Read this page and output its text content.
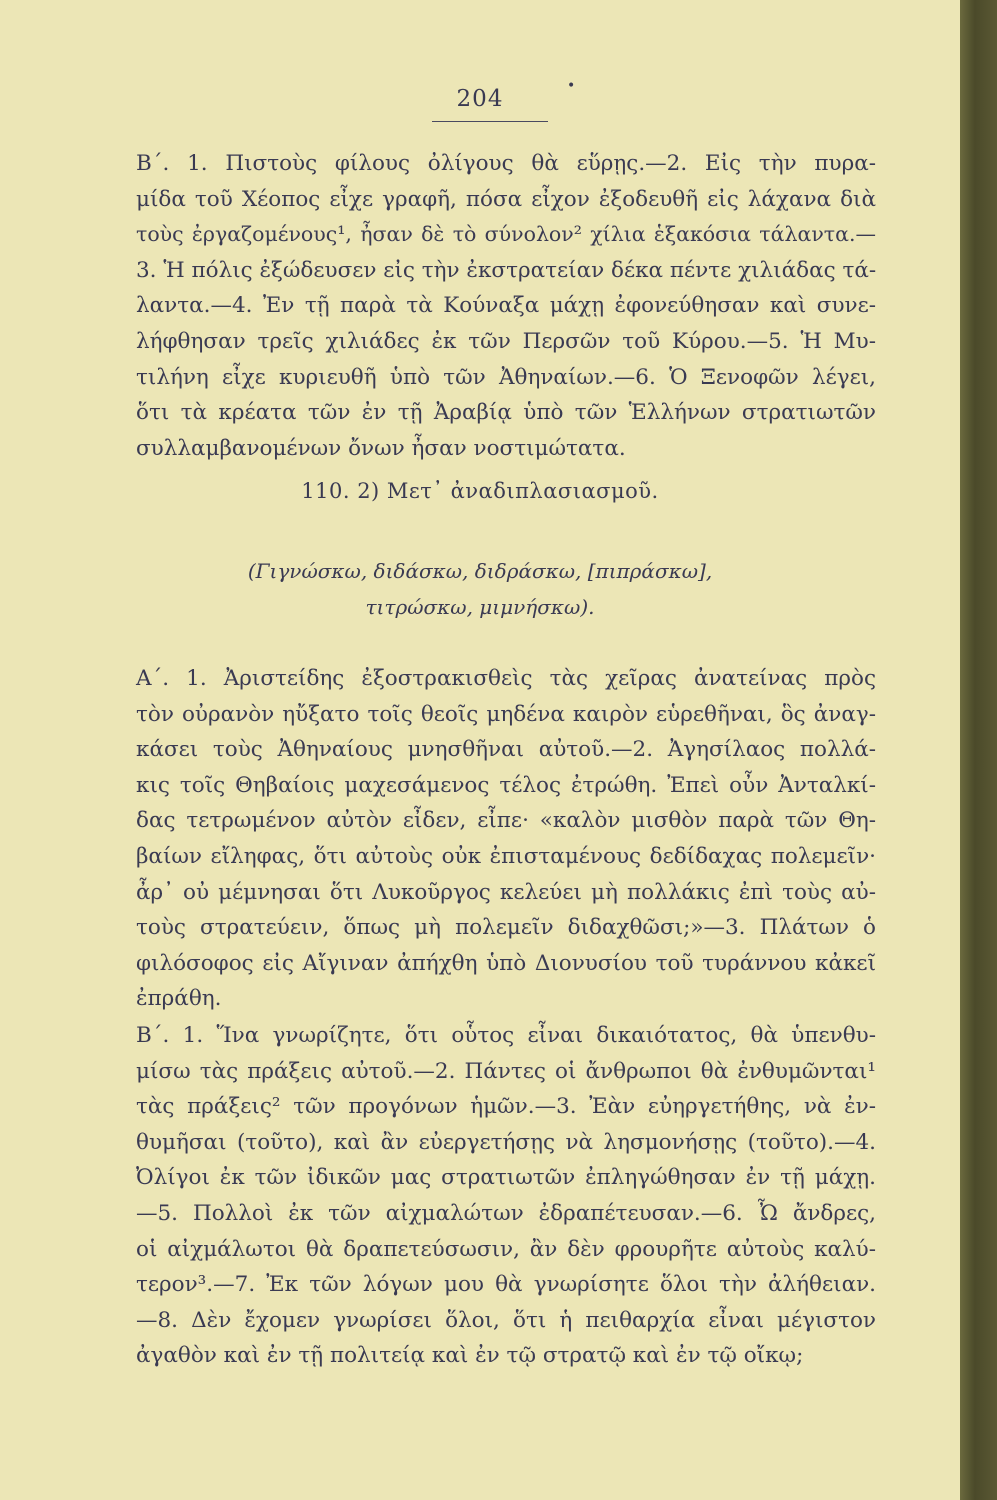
•
204
Β΄. 1. Πιστοὺς φίλους ὀλίγους θὰ εὕρῃς.—2. Εἰς τὴν πυρα-
μίδα τοῦ Χέοπος εἶχε γραφῆ, πόσα εἶχον ἐξοδευθῆ εἰς λάχανα διὰ
τοὺς ἐργαζομένους¹, ἦσαν δὲ τὸ σύνολον² χίλια ἑξακόσια τάλαντα.—
3. Ἡ πόλις ἐξώδευσεν εἰς τὴν ἐκστρατείαν δέκα πέντε χιλιάδας τά-
λαντα.—4. Ἐν τῇ παρὰ τὰ Κούναξα μάχῃ ἐφονεύθησαν καὶ συνε-
λήφθησαν τρεῖς χιλιάδες ἐκ τῶν Περσῶν τοῦ Κύρου.—5. Ἡ Μυ-
τιλήνη εἶχε κυριευθῆ ὑπὸ τῶν Ἀθηναίων.—6. Ὁ Ξενοφῶν λέγει,
ὅτι τὰ κρέατα τῶν ἐν τῇ Ἀραβίᾳ ὑπὸ τῶν Ἑλλήνων στρατιωτῶν
συλλαμβανομένων ὄνων ἦσαν νοστιμώτατα.
110. 2) Μετ᾽ ἀναδιπλασιασμοῦ.
(Γιγνώσκω, διδάσκω, διδράσκω, [πιπράσκω],
τιτρώσκω, μιμνήσκω).
Α΄. 1. Ἀριστείδης ἐξοστρακισθεὶς τὰς χεῖρας ἀνατείνας πρὸς
τὸν οὐρανὸν ηὔξατο τοῖς θεοῖς μηδένα καιρὸν εὑρεθῆναι, ὃς ἀναγ-
κάσει τοὺς Ἀθηναίους μνησθῆναι αὐτοῦ.—2. Ἀγησίλαος πολλά-
κις τοῖς Θηβαίοις μαχεσάμενος τέλος ἐτρώθη. Ἐπεὶ οὖν Ἀνταλκί-
δας τετρωμένον αὐτὸν εἶδεν, εἶπε· «καλὸν μισθὸν παρὰ τῶν Θη-
βαίων εἴληφας, ὅτι αὐτοὺς οὐκ ἐπισταμένους δεδίδαχας πολεμεῖν·
ἆρ᾽ οὐ μέμνησαι ὅτι Λυκοῦργος κελεύει μὴ πολλάκις ἐπὶ τοὺς αὐ-
τοὺς στρατεύειν, ὅπως μὴ πολεμεῖν διδαχθῶσι;»—3. Πλάτων ὁ
φιλόσοφος εἰς Αἴγιναν ἀπήχθη ὑπὸ Διονυσίου τοῦ τυράννου κἀκεῖ
ἐπράθη.
Β΄. 1. Ἵνα γνωρίζητε, ὅτι οὗτος εἶναι δικαιότατος, θὰ ὑπενθυ-
μίσω τὰς πράξεις αὐτοῦ.—2. Πάντες οἱ ἄνθρωποι θὰ ἐνθυμῶνται¹
τὰς πράξεις² τῶν προγόνων ἡμῶν.—3. Ἐὰν εὐηργετήθης, νὰ ἐν-
θυμῆσαι (τοῦτο), καὶ ἂν εὐεργετήσῃς νὰ λησμονήσῃς (τοῦτο).—4.
Ὀλίγοι ἐκ τῶν ἰδικῶν μας στρατιωτῶν ἐπληγώθησαν ἐν τῇ μάχῃ.
—5. Πολλοὶ ἐκ τῶν αἰχμαλώτων ἐδραπέτευσαν.—6. Ὦ ἄνδρες,
οἱ αἰχμάλωτοι θὰ δραπετεύσωσιν, ἂν δὲν φρουρῆτε αὐτοὺς καλύ-
τερον³.—7. Ἐκ τῶν λόγων μου θὰ γνωρίσητε ὅλοι τὴν ἀλήθειαν.
—8. Δὲν ἔχομεν γνωρίσει ὅλοι, ὅτι ἡ πειθαρχία εἶναι μέγιστον
ἀγαθὸν καὶ ἐν τῇ πολιτείᾳ καὶ ἐν τῷ στρατῷ καὶ ἐν τῷ οἴκῳ;
